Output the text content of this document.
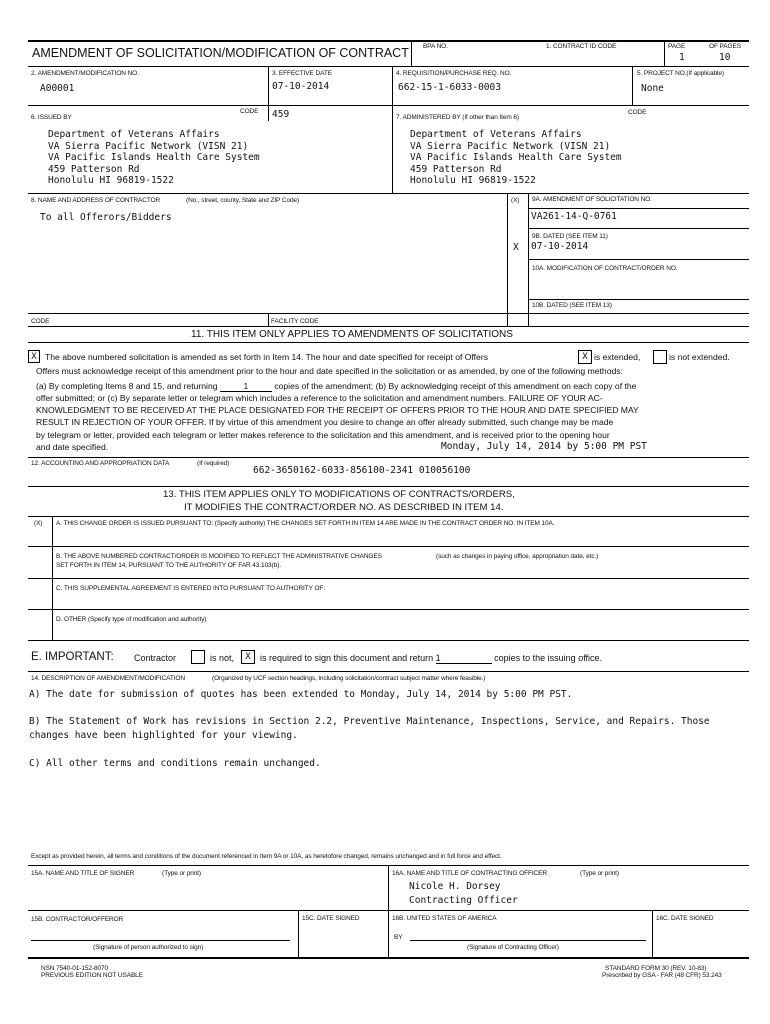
AMENDMENT OF SOLICITATION/MODIFICATION OF CONTRACT BPA NO.	1. CONTRACT ID CODE	PAGE	OF PAGES
1	10
2. AMENDMENT/MODIFICATION NO.
A00001
3. EFFECTIVE DATE
07-10-2014
4. REQUISITION/PURCHASE REQ. NO.
662-15-1-6033-0003
5. PROJECT NO.(If applicable)
None
6. ISSUED BY
CODE 459	7. ADMINISTERED BY (If other than Item 6)
CODE
Department of Veterans Affairs
VA Sierra Pacific Network (VISN 21)
VA Pacific Islands Health Care System
459 Patterson Rd
Honolulu HI 96819-1522
Department of Veterans Affairs
VA Sierra Pacific Network (VISN 21)
VA Pacific Islands Health Care System
459 Patterson Rd
Honolulu HI 96819-1522
8. NAME AND ADDRESS OF CONTRACTOR	(No., street, county, State and ZIP Code)
To all Offerors/Bidders
(X) 9A. AMENDMENT OF SOLICITATION NO.
VA261-14-Q-0761
9B. DATED (SEE ITEM 11)
X 07-10-2014
10A. MODIFICATION OF CONTRACT/ORDER NO.
10B. DATED (SEE ITEM 13)
CODE	FACILITY CODE
11. THIS ITEM ONLY APPLIES TO AMENDMENTS OF SOLICITATIONS
X The above numbered solicitation is amended as set forth in Item 14. The hour and date specified for receipt of Offers	X is extended,	is not extended.
Offers must acknowledge receipt of this amendment prior to the hour and date specified in the solicitation or as amended, by one of the following methods:
(a) By completing Items 8 and 15, and returning	1	copies of the amendment; (b) By acknowledging receipt of this amendment on each copy of the
offer submitted; or (c) By separate letter or telegram which includes a reference to the solicitation and amendment numbers. FAILURE OF YOUR AC-
KNOWLEDGMENT TO BE RECEIVED AT THE PLACE DESIGNATED FOR THE RECEIPT OF OFFERS PRIOR TO THE HOUR AND DATE SPECIFIED MAY
RESULT IN REJECTION OF YOUR OFFER. If by virtue of this amendment you desire to change an offer already submitted, such change may be made
by telegram or letter, provided each telegram or letter makes reference to the solicitation and this amendment, and is received prior to the opening hour
and date specified.	Monday, July 14, 2014 by 5:00 PM PST
12. ACCOUNTING AND APPROPRIATION DATA	(If required)
662-3650162-6033-856100-2341 010056100
13. THIS ITEM APPLIES ONLY TO MODIFICATIONS OF CONTRACTS/ORDERS,
IT MODIFIES THE CONTRACT/ORDER NO. AS DESCRIBED IN ITEM 14.
(X) A. THIS CHANGE ORDER IS ISSUED PURSUANT TO: (Specify authority) THE CHANGES SET FORTH IN ITEM 14 ARE MADE IN THE CONTRACT ORDER NO. IN ITEM 10A.
B. THE ABOVE NUMBERED CONTRACT/ORDER IS MODIFIED TO REFLECT THE ADMINISTRATIVE CHANGES	(such as changes in paying office, appropriation date, etc.)
SET FORTH IN ITEM 14, PURSUANT TO THE AUTHORITY OF FAR 43.103(b).
C. THIS SUPPLEMENTAL AGREEMENT IS ENTERED INTO PURSUANT TO AUTHORITY OF:
D. OTHER (Specify type of modification and authority)
E. IMPORTANT: Contractor	is not,	X	is required to sign this document and return 1	copies to the issuing office.
14. DESCRIPTION OF AMENDMENT/MODIFICATION	(Organized by UCF section headings, including solicitation/contract subject matter where feasible.)
A) The date for submission of quotes has been extended to Monday, July 14, 2014 by 5:00 PM PST.
B) The Statement of Work has revisions in Section 2.2, Preventive Maintenance, Inspections, Service, and Repairs. Those
changes have been highlighted for your viewing.
C) All other terms and conditions remain unchanged.
Except as provided herein, all terms and conditions of the document referenced in Item 9A or 10A, as heretofore changed, remains unchanged and in full force and effect.
15A. NAME AND TITLE OF SIGNER	(Type or print)	16A. NAME AND TITLE OF CONTRACTING OFFICER	(Type or print)
Nicole H. Dorsey
Contracting Officer
15B. CONTRACTOR/OFFEROR	15C. DATE SIGNED	16B. UNITED STATES OF AMERICA	16C. DATE SIGNED
BY
(Signature of person authorized to sign)	(Signature of Contracting Officer)
NSN 7540-01-152-8070
PREVIOUS EDITION NOT USABLE
STANDARD FORM 30 (REV. 10-83)
Prescribed by GSA - FAR (48 CFR) 53.243
